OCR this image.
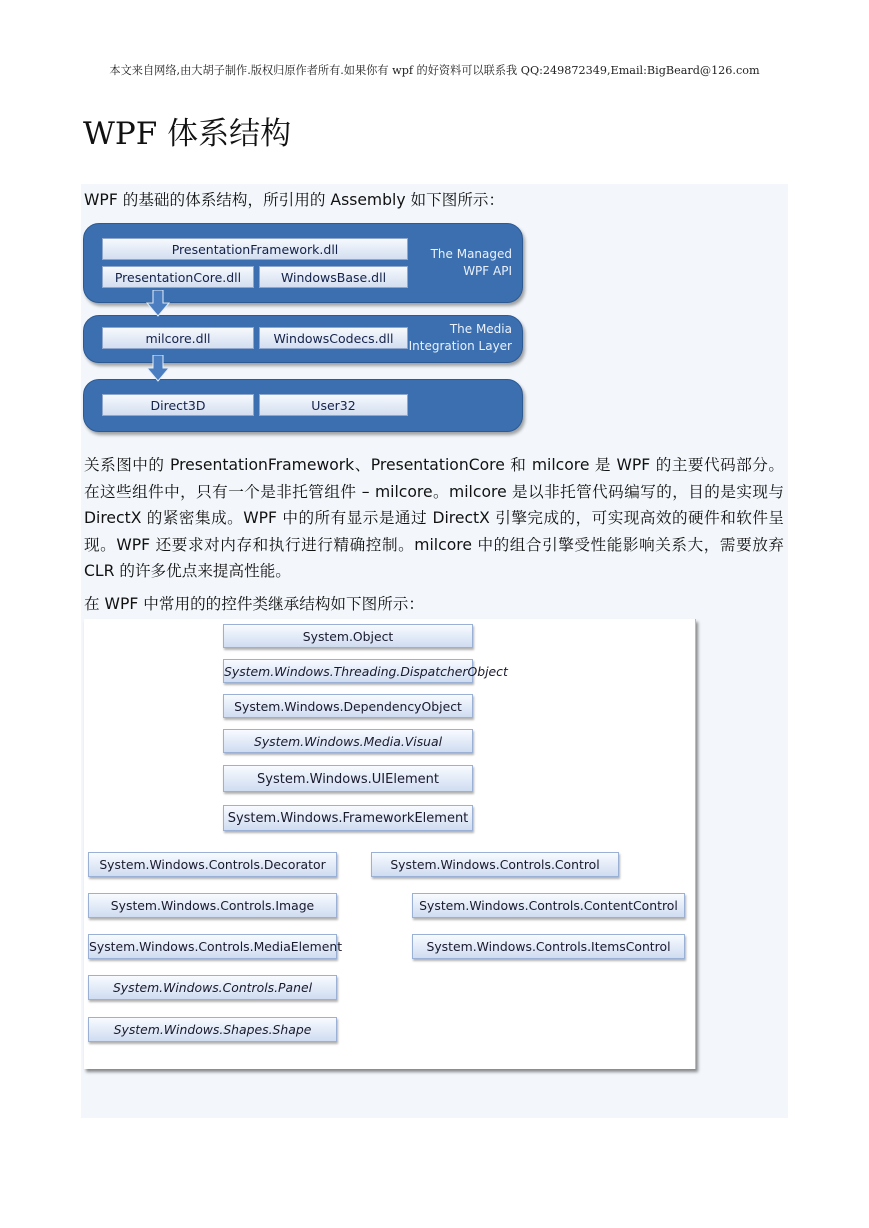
本文来自网络,由大胡子制作.版权归原作者所有.如果你有 wpf 的好资料可以联系我 QQ:249872349,Email:BigBeard@126.com
WPF 体系结构
WPF 的基础的体系结构，所引用的 Assembly 如下图所示：
PresentationFramework.dll
PresentationCore.dll	WindowsBase.dll
The Managed
WPF API
milcore.dll	WindowsCodecs.dll
The Media
Integration Layer
Direct3D	User32
关系图中的 PresentationFramework、PresentationCore 和 milcore 是 WPF 的主要代码部分。在这些组件中，只有一个是非托管组件 – milcore。milcore 是以非托管代码编写的，目的是实现与 DirectX 的紧密集成。WPF 中的所有显示是通过 DirectX 引擎完成的，可实现高效的硬件和软件呈现。WPF 还要求对内存和执行进行精确控制。milcore 中的组合引擎受性能影响关系大，需要放弃 CLR 的许多优点来提高性能。
在 WPF 中常用的的控件类继承结构如下图所示：
System.Object
System.Windows.Threading.DispatcherObject
System.Windows.DependencyObject
System.Windows.Media.Visual
System.Windows.UIElement
System.Windows.FrameworkElement
System.Windows.Controls.Decorator
System.Windows.Controls.Image
System.Windows.Controls.MediaElement
System.Windows.Controls.Panel
System.Windows.Shapes.Shape
System.Windows.Controls.Control
System.Windows.Controls.ContentControl
System.Windows.Controls.ItemsControl
